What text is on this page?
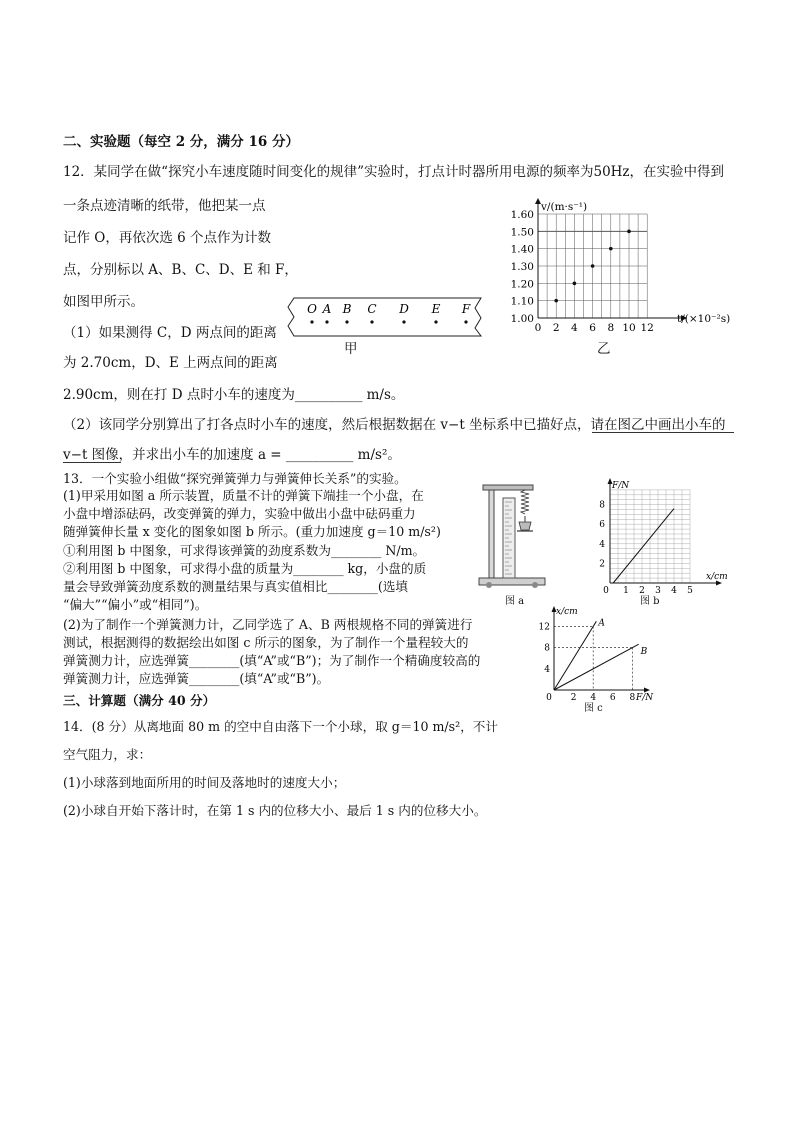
二、实验题（每空 2 分，满分 16 分）
12．某同学在做“探究小车速度随时间变化的规律”实验时，打点计时器所用电源的频率为50Hz，在实验中得到
一条点迹清晰的纸带，他把某一点
记作 O，再依次选 6 个点作为计数
点，分别标以 A、B、C、D、E 和 F，
如图甲所示。
（1）如果测得 C，D 两点间的距离
为 2.70cm，D、E 上两点间的距离
2.90cm，则在打 D 点时小车的速度为__________ m/s。
（2）该同学分别算出了打各点时小车的速度，然后根据数据在 v−t 坐标系中已描好点，请在图乙中画出小车的
v−t 图像，并求出小车的加速度 a = __________ m/s²。
O A B C D E F
甲
0 2 4 6 8 10 12
1.00
1.10
1.20
1.30
1.40
1.50
1.60
v/(m·s⁻¹)
t/(×10⁻²s)
乙
13．一个实验小组做“探究弹簧弹力与弹簧伸长关系”的实验。
(1)甲采用如图 a 所示装置，质量不计的弹簧下端挂一个小盘，在
小盘中增添砝码，改变弹簧的弹力，实验中做出小盘中砝码重力
随弹簧伸长量 x 变化的图象如图 b 所示。(重力加速度 g＝10 m/s²)
①利用图 b 中图象，可求得该弹簧的劲度系数为________ N/m。
②利用图 b 中图象，可求得小盘的质量为________ kg，小盘的质
量会导致弹簧劲度系数的测量结果与真实值相比________(选填
“偏大”“偏小”或“相同”)。
(2)为了制作一个弹簧测力计，乙同学选了 A、B 两根规格不同的弹簧进行
测试，根据测得的数据绘出如图 c 所示的图象，为了制作一个量程较大的
弹簧测力计，应选弹簧________(填“A”或“B”)；为了制作一个精确度较高的
弹簧测力计，应选弹簧________(填“A”或“B”)。
图 a
0 1 2 3 4 5
2
4
6
8
F/N
x/cm
图 b
0 2 4 6 8
4
8
12
x/cm
F/N
A
B
图 c
三、计算题（满分 40 分）
14．(8 分）从离地面 80 m 的空中自由落下一个小球，取 g＝10 m/s²，不计
空气阻力，求：
(1)小球落到地面所用的时间及落地时的速度大小；
(2)小球自开始下落计时，在第 1 s 内的位移大小、最后 1 s 内的位移大小。
